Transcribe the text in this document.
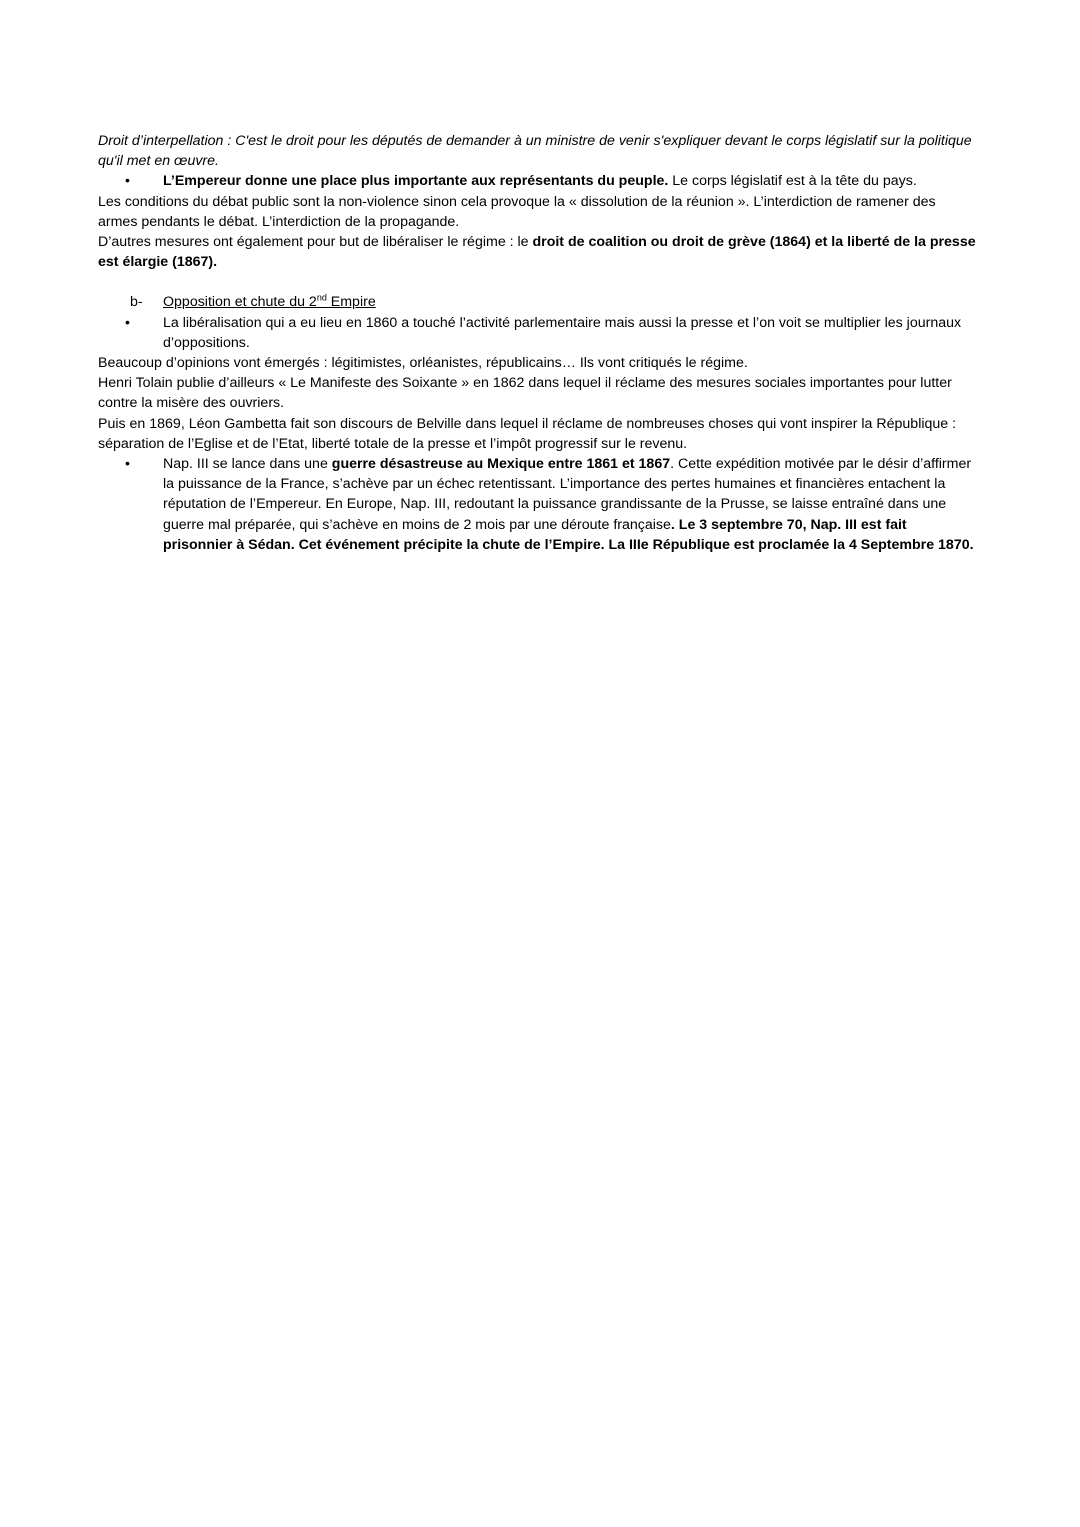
Droit d’interpellation : C'est le droit pour les députés de demander à un ministre de venir s'expliquer devant le corps législatif sur la politique qu'il met en œuvre.
• L’Empereur donne une place plus importante aux représentants du peuple. Le corps législatif est à la tête du pays.
Les conditions du débat public sont la non-violence sinon cela provoque la « dissolution de la réunion ». L’interdiction de ramener des armes pendants le débat. L’interdiction de la propagande.
D’autres mesures ont également pour but de libéraliser le régime : le droit de coalition ou droit de grève (1864) et la liberté de la presse est élargie (1867).
b- Opposition et chute du 2nd Empire
• La libéralisation qui a eu lieu en 1860 a touché l’activité parlementaire mais aussi la presse et l’on voit se multiplier les journaux d’oppositions.
Beaucoup d’opinions vont émergés : légitimistes, orléanistes, républicains… Ils vont critiqués le régime.
Henri Tolain publie d’ailleurs « Le Manifeste des Soixante » en 1862 dans lequel il réclame des mesures sociales importantes pour lutter contre la misère des ouvriers.
Puis en 1869, Léon Gambetta fait son discours de Belville dans lequel il réclame de nombreuses choses qui vont inspirer la République : séparation de l’Eglise et de l’Etat, liberté totale de la presse et l’impôt progressif sur le revenu.
• Nap. III se lance dans une guerre désastreuse au Mexique entre 1861 et 1867. Cette expédition motivée par le désir d’affirmer la puissance de la France, s’achève par un échec retentissant. L’importance des pertes humaines et financières entachent la réputation de l’Empereur. En Europe, Nap. III, redoutant la puissance grandissante de la Prusse, se laisse entraîné dans une guerre mal préparée, qui s’achève en moins de 2 mois par une déroute française. Le 3 septembre 70, Nap. III est fait prisonnier à Sédan. Cet événement précipite la chute de l’Empire. La IIIe République est proclamée la 4 Septembre 1870.
